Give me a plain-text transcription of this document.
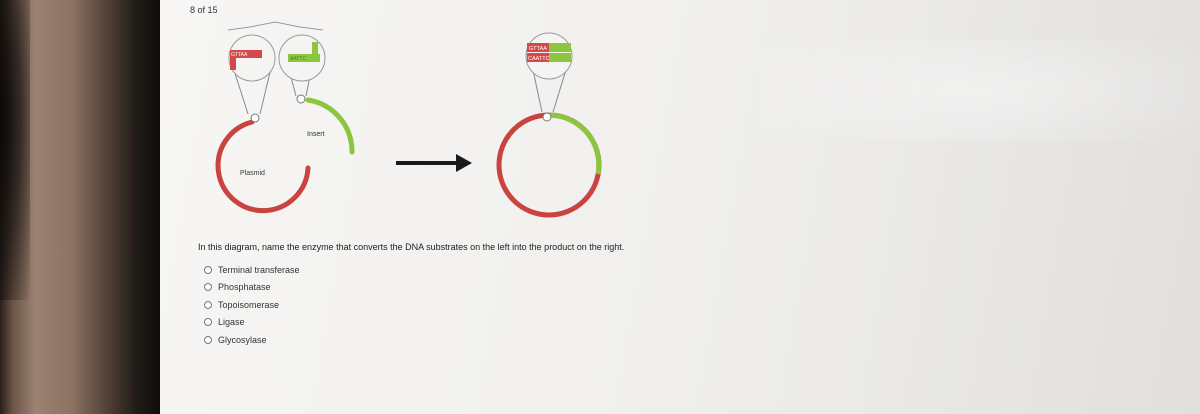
8 of 15
GTTAA
Plasmid
AATTC
Insert
GTTAA
CAATTC
In this diagram, name the enzyme that converts the DNA substrates on the left into the product on the right.
Terminal transferase
Phosphatase
Topoisomerase
Ligase
Glycosylase
